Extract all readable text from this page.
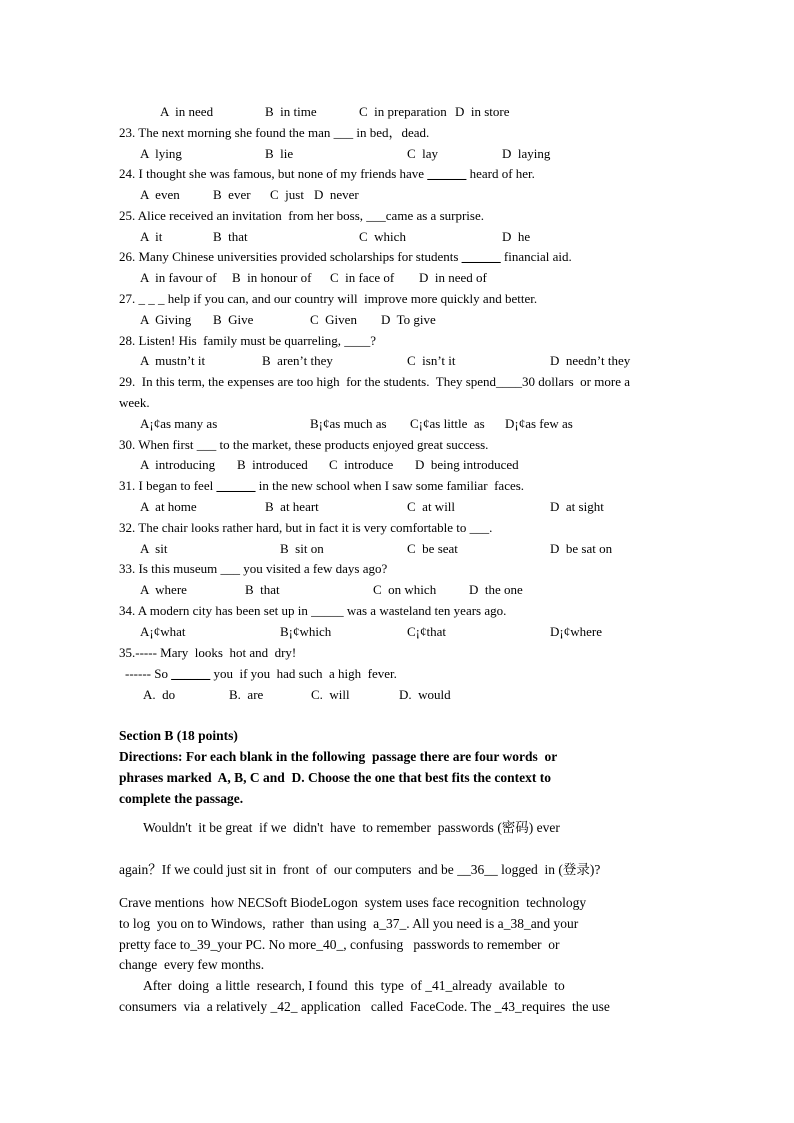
A  in need	B  in time	C  in preparation D  in store
23. The next morning she found the man ___ in bed，dead.
A  lying	B  lie	C  lay	D  laying
24. I thought she was famous, but none of my friends have ______ heard of her.
A  even	B  ever C  just D  never
25. Alice received an invitation  from her boss, ___came as a surprise.
A  it	B  that	C  which	D  he
26. Many Chinese universities provided scholarships for students ______ financial aid.
A  in favour of B  in honour of C  in face of D  in need of
27. _ _ _ help if you can, and our country will  improve more quickly and better.
A  Giving B  Give	C  Given D  To give
28. Listen! His  family must be quarreling, ____?
A  mustn’t it	B  aren’t they	C  isn’t it	D  needn’t they
29.  In this term, the expenses are too high  for the students.  They spend____30 dollars  or more a
week.
A¡¢as many as	B¡¢as much as C¡¢as little  as D¡¢as few as
30. When first ___ to the market, these products enjoyed great success.
A  introducing B  introduced C  introduce D  being introduced
31. I began to feel ______ in the new school when I saw some familiar  faces.
A  at home	B  at heart	C  at will	D  at sight
32. The chair looks rather hard, but in fact it is very comfortable to ___.
A  sit	B  sit on	C  be seat	D  be sat on
33. Is this museum ___ you visited a few days ago?
A  where	B  that	C  on which	D  the one
34. A modern city has been set up in _____ was a wasteland ten years ago.
A¡¢what	B¡¢which	C¡¢that	D¡¢where
35.----- Mary  looks  hot and  dry!
------ So ______ you  if you  had such  a high  fever.
A.  do	B.  are	C.  will	D.  would
Section B (18 points)
Directions: For each blank in the following  passage there are four words  or
phrases marked  A, B, C and  D. Choose the one that best fits the context to
complete the passage.
Wouldn't  it be great  if we  didn't  have  to remember  passwords (密码) ever
again？If we could just sit in  front  of  our computers  and be __36__ logged  in (登录)?
Crave mentions  how NECSoft BiodeLogon  system uses face recognition  technology
to log  you on to Windows,  rather  than using  a_37_. All you need is a_38_and your
pretty face to_39_your PC. No more_40_, confusing   passwords to remember  or
change  every few months.
After  doing  a little  research, I found  this  type  of _41_already  available  to
consumers  via  a relatively _42_ application   called  FaceCode. The _43_requires  the use
